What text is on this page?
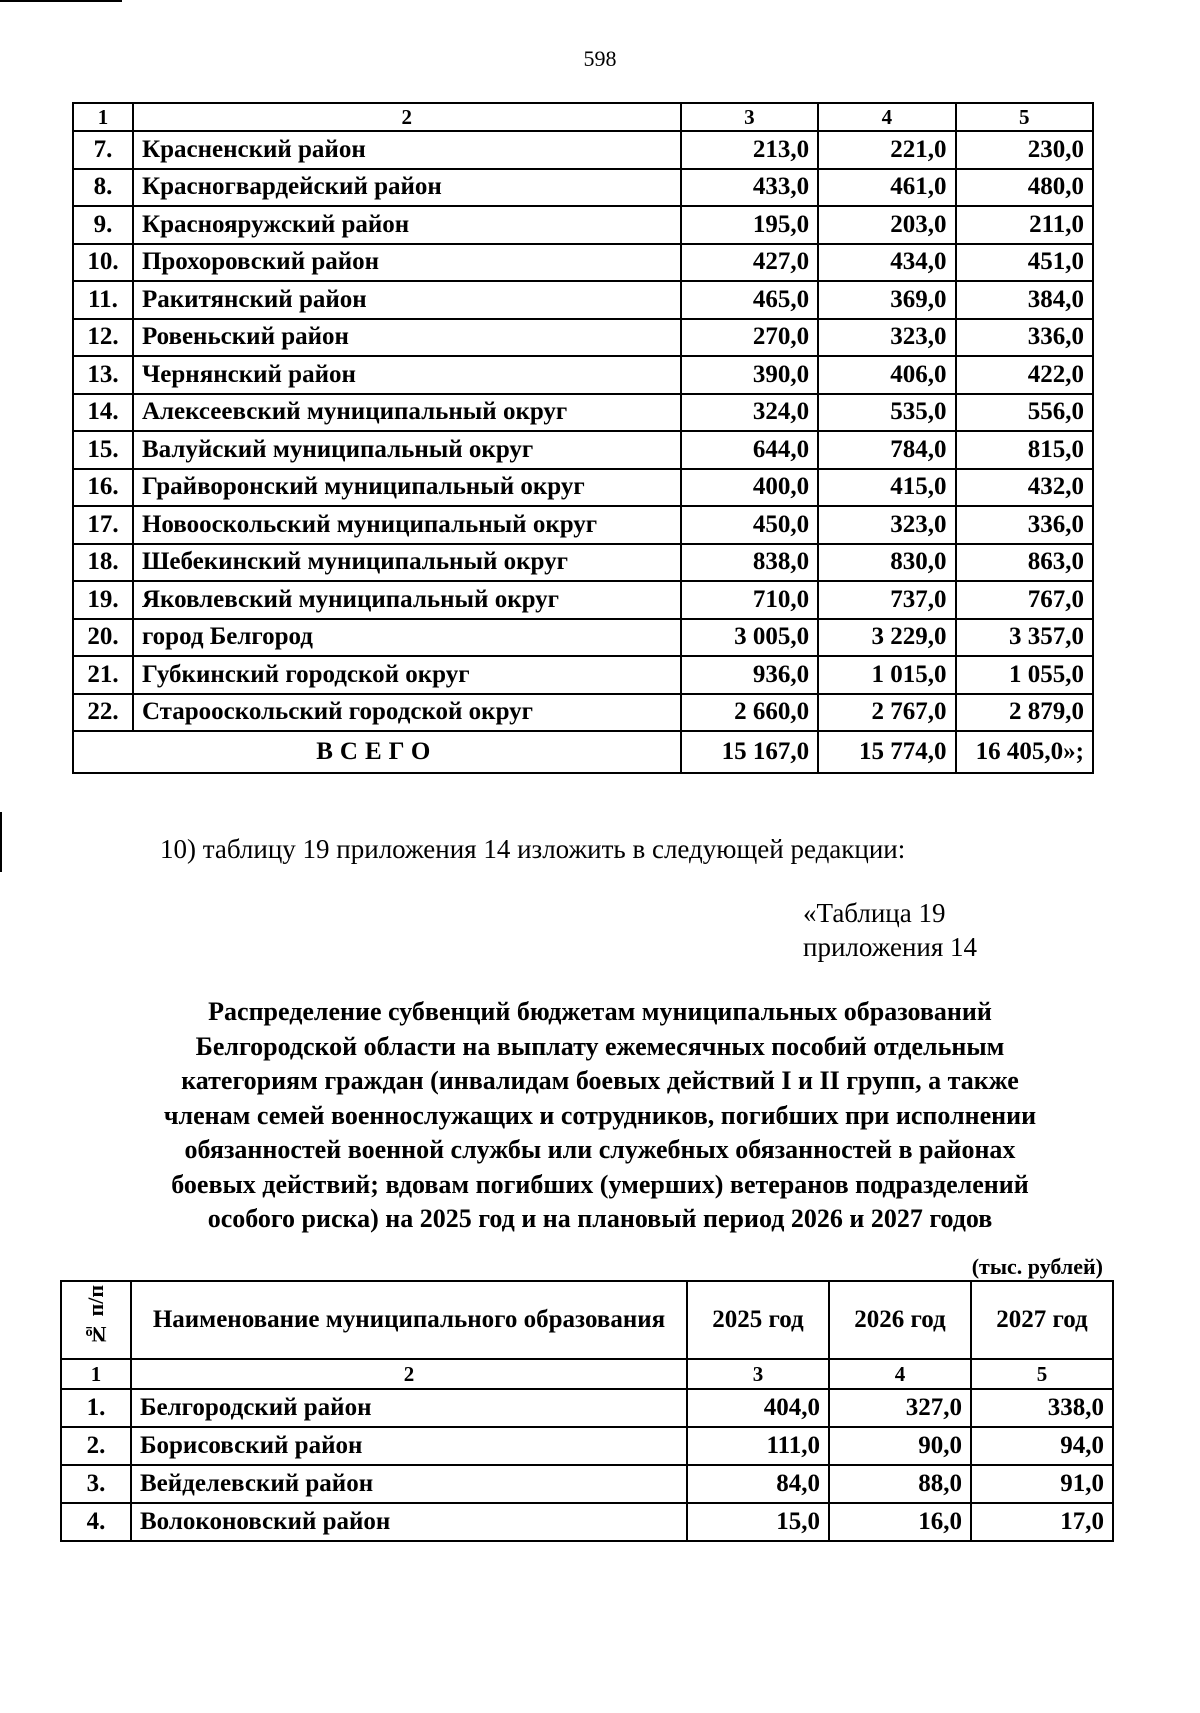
598
1	2	3	4	5
7.	Красненский район	213,0	221,0	230,0
8.	Красногвардейский район	433,0	461,0	480,0
9.	Краснояружский район	195,0	203,0	211,0
10.	Прохоровский район	427,0	434,0	451,0
11.	Ракитянский район	465,0	369,0	384,0
12.	Ровеньский район	270,0	323,0	336,0
13.	Чернянский район	390,0	406,0	422,0
14.	Алексеевский муниципальный округ	324,0	535,0	556,0
15.	Валуйский муниципальный округ	644,0	784,0	815,0
16.	Грайворонский муниципальный округ	400,0	415,0	432,0
17.	Новооскольский муниципальный округ	450,0	323,0	336,0
18.	Шебекинский муниципальный округ	838,0	830,0	863,0
19.	Яковлевский муниципальный округ	710,0	737,0	767,0
20.	город Белгород	3 005,0	3 229,0	3 357,0
21.	Губкинский городской округ	936,0	1 015,0	1 055,0
22.	Старооскольский городской округ	2 660,0	2 767,0	2 879,0
ВСЕГО		15 167,0	15 774,0	16 405,0»;
10) таблицу 19 приложения 14 изложить в следующей редакции:
«Таблица 19
приложения 14
Распределение субвенций бюджетам муниципальных образований
Белгородской области на выплату ежемесячных пособий отдельным
категориям граждан (инвалидам боевых действий I и II групп, а также
членам семей военнослужащих и сотрудников, погибших при исполнении
обязанностей военной службы или служебных обязанностей в районах
боевых действий; вдовам погибших (умерших) ветеранов подразделений
особого риска) на 2025 год и на плановый период 2026 и 2027 годов
(тыс. рублей)
№ п/п	Наименование муниципального образования	2025 год	2026 год	2027 год
1	2	3	4	5
1.	Белгородский район	404,0	327,0	338,0
2.	Борисовский район	111,0	90,0	94,0
3.	Вейделевский район	84,0	88,0	91,0
4.	Волоконовский район	15,0	16,0	17,0
